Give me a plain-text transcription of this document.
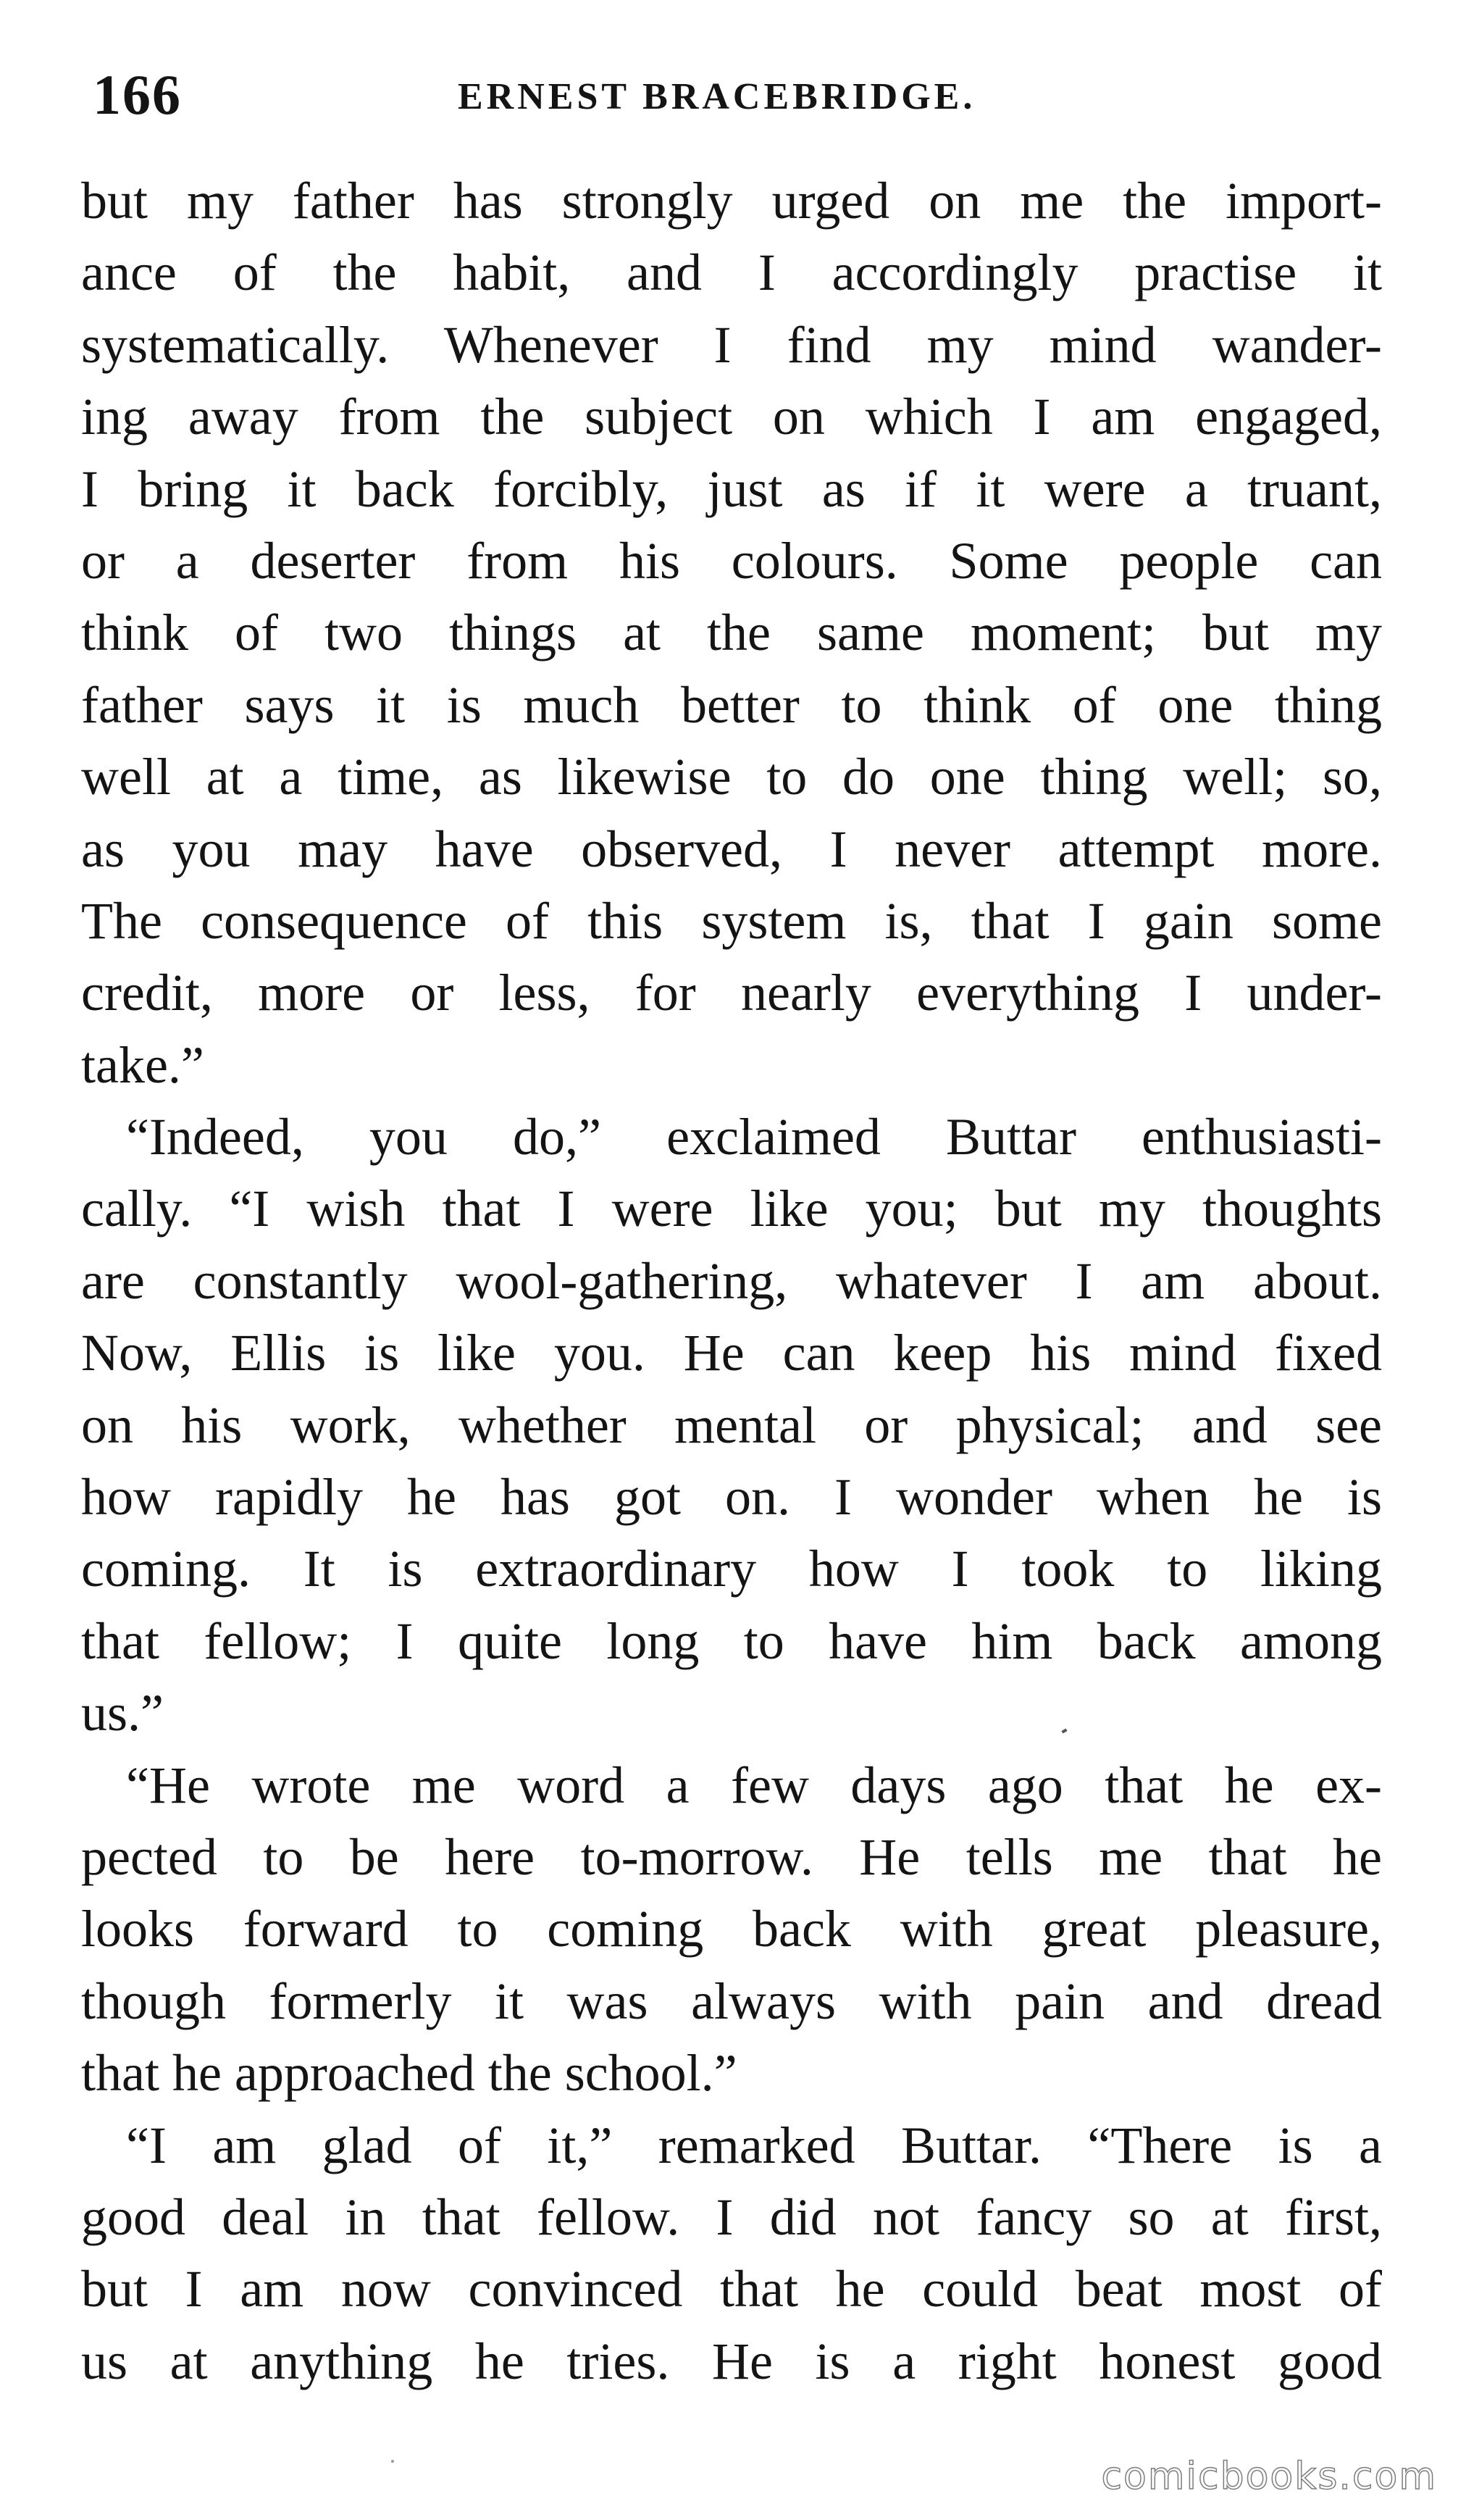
166	ERNEST BRACEBRIDGE.
but my father has strongly urged on me the import-
ance of the habit, and I accordingly practise it
systematically. Whenever I find my mind wander-
ing away from the subject on which I am engaged,
I bring it back forcibly, just as if it were a truant,
or a deserter from his colours. Some people can
think of two things at the same moment; but my
father says it is much better to think of one thing
well at a time, as likewise to do one thing well; so,
as you may have observed, I never attempt more.
The consequence of this system is, that I gain some
credit, more or less, for nearly everything I under-
take.”
“Indeed, you do,” exclaimed Buttar enthusiasti-
cally. “I wish that I were like you; but my thoughts
are constantly wool-gathering, whatever I am about.
Now, Ellis is like you. He can keep his mind fixed
on his work, whether mental or physical; and see
how rapidly he has got on. I wonder when he is
coming. It is extraordinary how I took to liking
that fellow; I quite long to have him back among
us.”
“He wrote me word a few days ago that he ex-
pected to be here to-morrow. He tells me that he
looks forward to coming back with great pleasure,
though formerly it was always with pain and dread
that he approached the school.”
“I am glad of it,” remarked Buttar. “There is a
good deal in that fellow. I did not fancy so at first,
but I am now convinced that he could beat most of
us at anything he tries. He is a right honest good
comicbooks.com
